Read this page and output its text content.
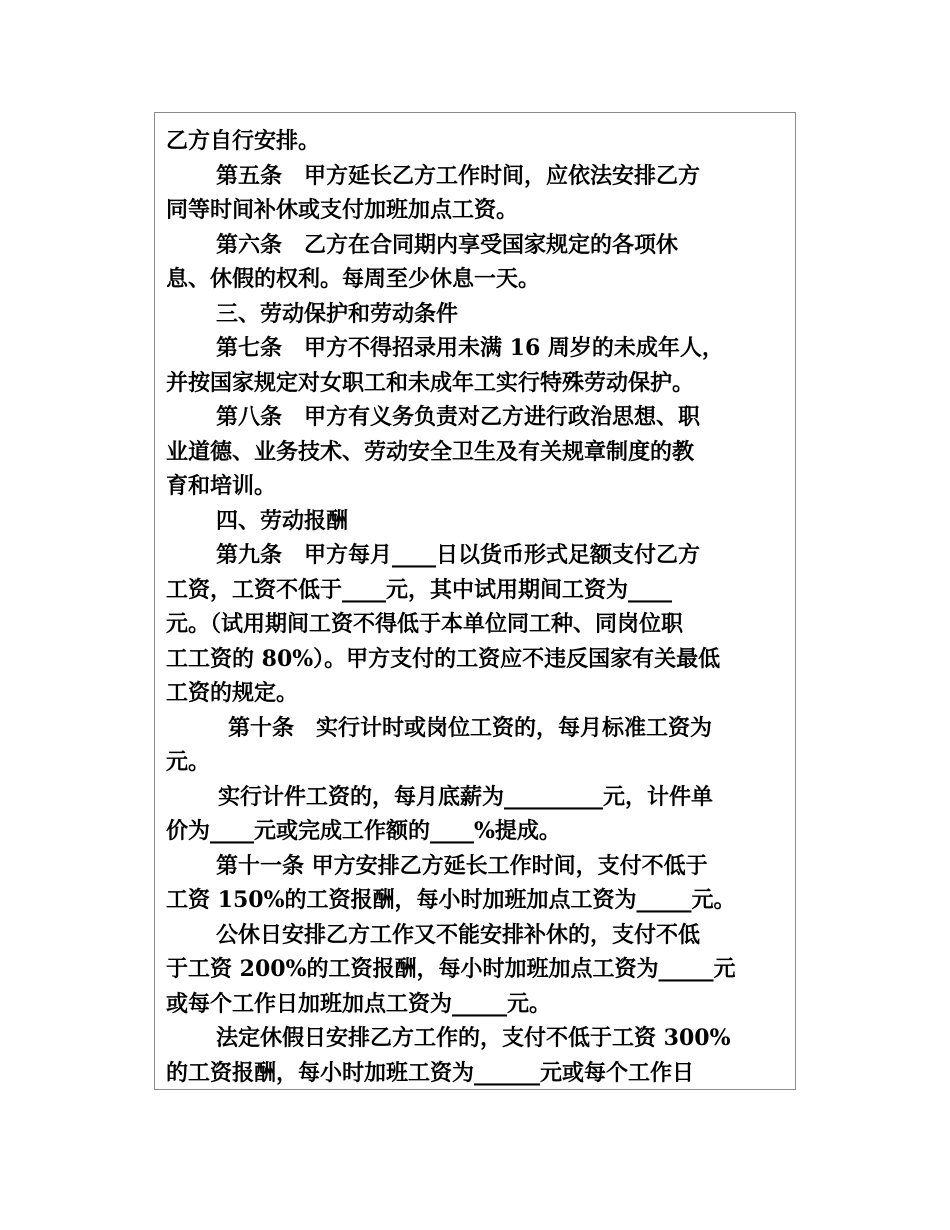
乙方自行安排。
第五条　甲方延长乙方工作时间，应依法安排乙方
同等时间补休或支付加班加点工资。
第六条　乙方在合同期内享受国家规定的各项休
息、休假的权利。每周至少休息一天。
三、劳动保护和劳动条件
第七条　甲方不得招录用未满 16 周岁的未成年人，
并按国家规定对女职工和未成年工实行特殊劳动保护。
第八条　甲方有义务负责对乙方进行政治思想、职
业道德、业务技术、劳动安全卫生及有关规章制度的教
育和培训。
四、劳动报酬
第九条　甲方每月____日以货币形式足额支付乙方
工资，工资不低于____元，其中试用期间工资为____
元。（试用期间工资不得低于本单位同工种、同岗位职
工工资的 80%）。甲方支付的工资应不违反国家有关最低
工资的规定。
第十条　实行计时或岗位工资的，每月标准工资为
元。
实行计件工资的，每月底薪为_________元，计件单
价为____元或完成工作额的____%提成。
第十一条 甲方安排乙方延长工作时间，支付不低于
工资 150%的工资报酬，每小时加班加点工资为_____元。
公休日安排乙方工作又不能安排补休的，支付不低
于工资 200%的工资报酬，每小时加班加点工资为_____元
或每个工作日加班加点工资为_____元。
法定休假日安排乙方工作的，支付不低于工资 300%
的工资报酬，每小时加班工资为______元或每个工作日
